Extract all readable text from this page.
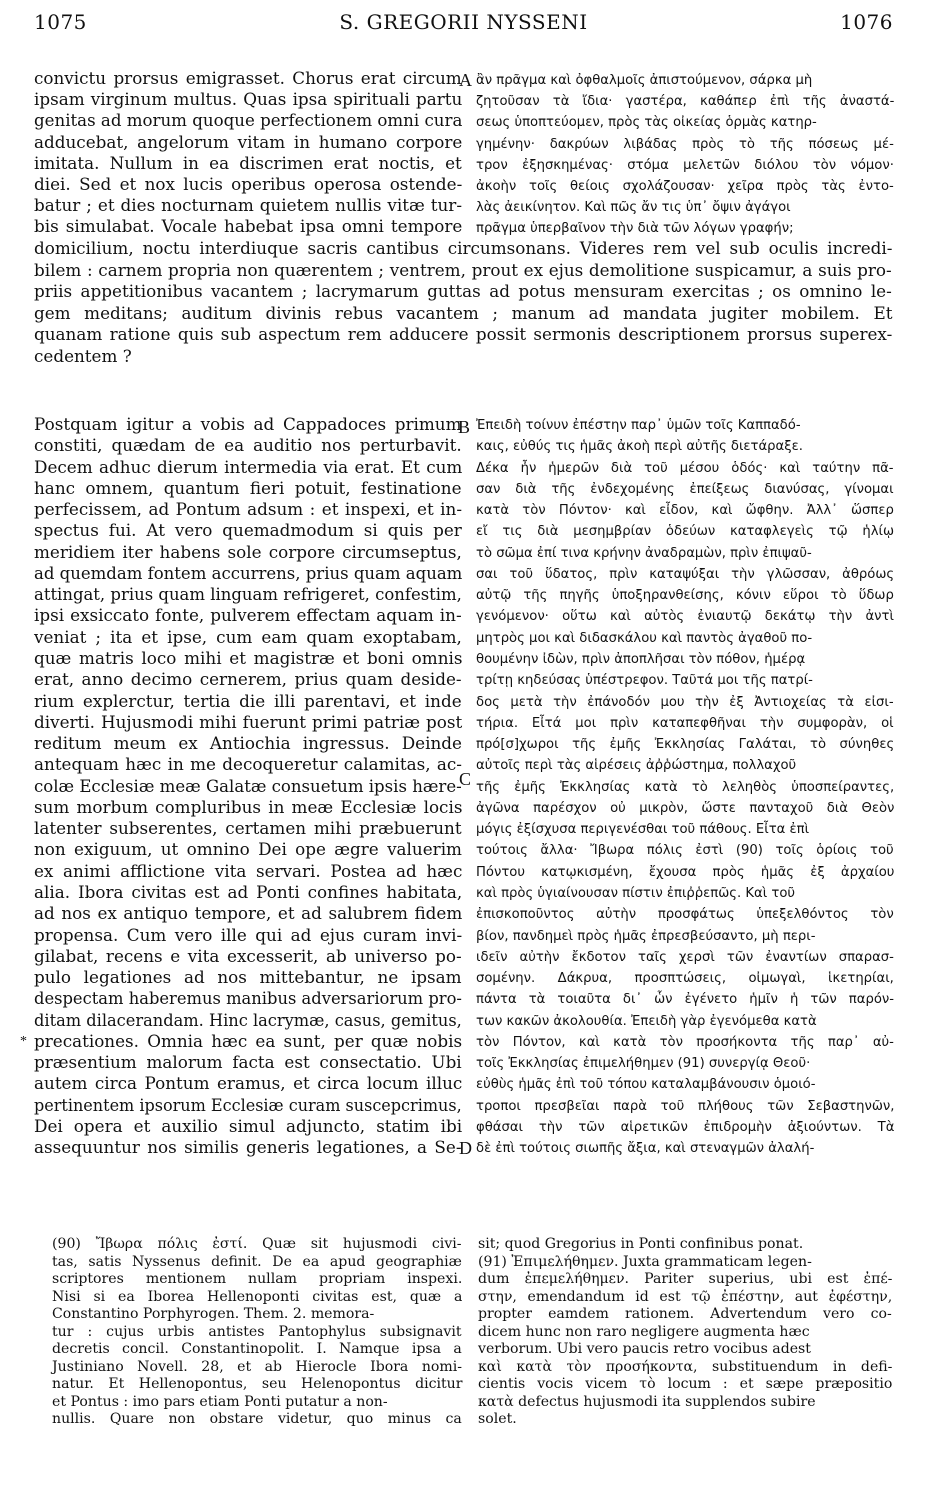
1075	S. GREGORII NYSSENI	1076
A
B
C
D
*
convictu prorsus emigrasset. Chorus erat circum
ipsam virginum multus. Quas ipsa spirituali partu
genitas ad morum quoque perfectionem omni cura
adducebat, angelorum vitam in humano corpore
imitata. Nullum in ea discrimen erat noctis, et
diei. Sed et nox lucis operibus operosa ostende-
batur ; et dies nocturnam quietem nullis vitæ tur-
bis simulabat. Vocale habebat ipsa omni tempore
ἂν πρᾶγμα καὶ ὀφθαλμοῖς ἀπιστούμενον, σάρκα μὴ
ζητοῦσαν τὰ ἴδια· γαστέρα, καθάπερ ἐπὶ τῆς ἀναστά-
σεως ὑποπτεύομεν, πρὸς τὰς οἰκείας ὁρμὰς κατηρ-
γημένην· δακρύων λιβάδας πρὸς τὸ τῆς πόσεως μέ-
τρον ἐξησκημένας· στόμα μελετῶν διόλου τὸν νόμον·
ἀκοὴν τοῖς θείοις σχολάζουσαν· χεῖρα πρὸς τὰς ἐντο-
λὰς ἀεικίνητον. Καὶ πῶς ἄν τις ὑπ᾽ ὄψιν ἀγάγοι
πρᾶγμα ὑπερβαῖνον τὴν διὰ τῶν λόγων γραφήν;
domicilium, noctu interdiuque sacris cantibus circumsonans. Videres rem vel sub oculis incredi-
bilem : carnem propria non quærentem ; ventrem, prout ex ejus demolitione suspicamur, a suis pro-
priis appetitionibus vacantem ; lacrymarum guttas ad potus mensuram exercitas ; os omnino le-
gem meditans; auditum divinis rebus vacantem ; manum ad mandata jugiter mobilem. Et
quanam ratione quis sub aspectum rem adducere possit sermonis descriptionem prorsus superex-
cedentem ?
Postquam igitur a vobis ad Cappadoces primum
constiti, quædam de ea auditio nos perturbavit.
Decem adhuc dierum intermedia via erat. Et cum
hanc omnem, quantum fieri potuit, festinatione
perfecissem, ad Pontum adsum : et inspexi, et in-
spectus fui. At vero quemadmodum si quis per
meridiem iter habens sole corpore circumseptus,
ad quemdam fontem accurrens, prius quam aquam
attingat, prius quam linguam refrigeret, confestim,
ipsi exsiccato fonte, pulverem effectam aquam in-
veniat ; ita et ipse, cum eam quam exoptabam,
quæ matris loco mihi et magistræ et boni omnis
erat, anno decimo cernerem, prius quam deside-
rium explerctur, tertia die illi parentavi, et inde
diverti. Hujusmodi mihi fuerunt primi patriæ post
reditum meum ex Antiochia ingressus. Deinde
antequam hæc in me decoqueretur calamitas, ac-
colæ Ecclesiæ meæ Galatæ consuetum ipsis hære-
sum morbum compluribus in meæ Ecclesiæ locis
latenter subserentes, certamen mihi præbuerunt
non exiguum, ut omnino Dei ope ægre valuerim
ex animi afflictione vita servari. Postea ad hæc
alia. Ibora civitas est ad Ponti confines habitata,
ad nos ex antiquo tempore, et ad salubrem fidem
propensa. Cum vero ille qui ad ejus curam invi-
gilabat, recens e vita excesserit, ab universo po-
pulo legationes ad nos mittebantur, ne ipsam
despectam haberemus manibus adversariorum pro-
ditam dilacerandam. Hinc lacrymæ, casus, gemitus,
precationes. Omnia hæc ea sunt, per quæ nobis
præsentium malorum facta est consectatio. Ubi
autem circa Pontum eramus, et circa locum illuc
pertinentem ipsorum Ecclesiæ curam suscepcrimus,
Dei opera et auxilio simul adjuncto, statim ibi
assequuntur nos similis generis legationes, a Se-
Ἐπειδὴ τοίνυν ἐπέστην παρ᾽ ὑμῶν τοῖς Καππαδό-
καις, εὐθύς τις ἡμᾶς ἀκοὴ περὶ αὐτῆς διετάραξε.
Δέκα ἦν ἡμερῶν διὰ τοῦ μέσου ὁδός· καὶ ταύτην πᾶ-
σαν διὰ τῆς ἐνδεχομένης ἐπείξεως διανύσας, γίνομαι
κατὰ τὸν Πόντον· καὶ εἶδον, καὶ ὤφθην. Ἀλλ᾽ ὥσπερ
εἴ τις διὰ μεσημβρίαν ὁδεύων καταφλεγεὶς τῷ ἡλίῳ
τὸ σῶμα ἐπί τινα κρήνην ἀναδραμὼν, πρὶν ἐπιψαῦ-
σαι τοῦ ὕδατος, πρὶν καταψύξαι τὴν γλῶσσαν, ἀθρόως
αὐτῷ τῆς πηγῆς ὑποξηρανθείσης, κόνιν εὕροι τὸ ὕδωρ
γενόμενον· οὕτω καὶ αὐτὸς ἐνιαυτῷ δεκάτῳ τὴν ἀντὶ
μητρὸς μοι καὶ διδασκάλου καὶ παντὸς ἀγαθοῦ πο-
θουμένην ἰδὼν, πρὶν ἀποπλῆσαι τὸν πόθον, ἡμέρᾳ
τρίτῃ κηδεύσας ὑπέστρεφον. Ταῦτά μοι τῆς πατρί-
δος μετὰ τὴν ἐπάνοδόν μου τὴν ἐξ Ἀντιοχείας τὰ εἰσι-
τήρια. Εἶτά μοι πρὶν καταπεφθῆναι τὴν συμφορὰν, οἱ
πρό[σ]χωροι τῆς ἐμῆς Ἐκκλησίας Γαλάται, τὸ σύνηθες
αὐτοῖς περὶ τὰς αἱρέσεις ἀῤῥώστημα, πολλαχοῦ
τῆς ἐμῆς Ἐκκλησίας κατὰ τὸ λεληθὸς ὑποσπείραντες,
ἀγῶνα παρέσχον οὐ μικρὸν, ὥστε πανταχοῦ διὰ Θεὸν
μόγις ἐξίσχυσα περιγενέσθαι τοῦ πάθους. Εἶτα ἐπὶ
τούτοις ἄλλα· Ἴβωρα πόλις ἐστὶ (90) τοῖς ὁρίοις τοῦ
Πόντου κατῳκισμένη, ἔχουσα πρὸς ἡμᾶς ἐξ ἀρχαίου
καὶ πρὸς ὑγιαίνουσαν πίστιν ἐπιῤῥεπῶς. Καὶ τοῦ
ἐπισκοποῦντος αὐτὴν προσφάτως ὑπεξελθόντος τὸν
βίον, πανδημεὶ πρὸς ἡμᾶς ἐπρεσβεύσαντο, μὴ περι-
ιδεῖν αὐτὴν ἔκδοτον ταῖς χερσὶ τῶν ἐναντίων σπαρασ-
σομένην. Δάκρυα, προσπτώσεις, οἰμωγαὶ, ἱκετηρίαι,
πάντα τὰ τοιαῦτα δι᾽ ὧν ἐγένετο ἡμῖν ἡ τῶν παρόν-
των κακῶν ἀκολουθία. Ἐπειδὴ γὰρ ἐγενόμεθα κατὰ
τὸν Πόντον, καὶ κατὰ τὸν προσήκοντα τῆς παρ᾽ αὐ-
τοῖς Ἐκκλησίας ἐπιμελήθημεν (91) συνεργίᾳ Θεοῦ·
εὐθὺς ἡμᾶς ἐπὶ τοῦ τόπου καταλαμβάνουσιν ὁμοιό-
τροποι πρεσβεῖαι παρὰ τοῦ πλήθους τῶν Σεβαστηνῶν,
φθάσαι τὴν τῶν αἱρετικῶν ἐπιδρομὴν ἀξιούντων. Τὰ
δὲ ἐπὶ τούτοις σιωπῆς ἄξια, καὶ στεναγμῶν ἀλαλή-
(90) Ἴβωρα πόλις ἐστί. Quæ sit hujusmodi civi-
tas, satis Nyssenus definit. De ea apud geographiæ
scriptores mentionem nullam propriam inspexi.
Nisi si ea Iborea Hellenoponti civitas est, quæ a
Constantino Porphyrogen. Them. 2. memora-
tur : cujus urbis antistes Pantophylus subsignavit
decretis concil. Constantinopolit. I. Namque ipsa a
Justiniano Novell. 28, et ab Hierocle Ibora nomi-
natur. Et Hellenopontus, seu Helenopontus dicitur
et Pontus : imo pars etiam Ponti putatur a non-
nullis. Quare non obstare videtur, quo minus ca
sit; quod Gregorius in Ponti confinibus ponat.
(91) Ἐπιμελήθημεν. Juxta grammaticam legen-
dum ἐπεμελήθημεν. Pariter superius, ubi est ἐπέ-
στην, emendandum id est τῷ ἐπέστην, aut ἐφέστην,
propter eamdem rationem. Advertendum vero co-
dicem hunc non raro negligere augmenta hæc
verborum. Ubi vero paucis retro vocibus adest
καὶ κατὰ τὸν προσήκοντα, substituendum in defi-
cientis vocis vicem τὸ locum : et sæpe præpositio
κατὰ defectus hujusmodi ita supplendos subire
solet.
